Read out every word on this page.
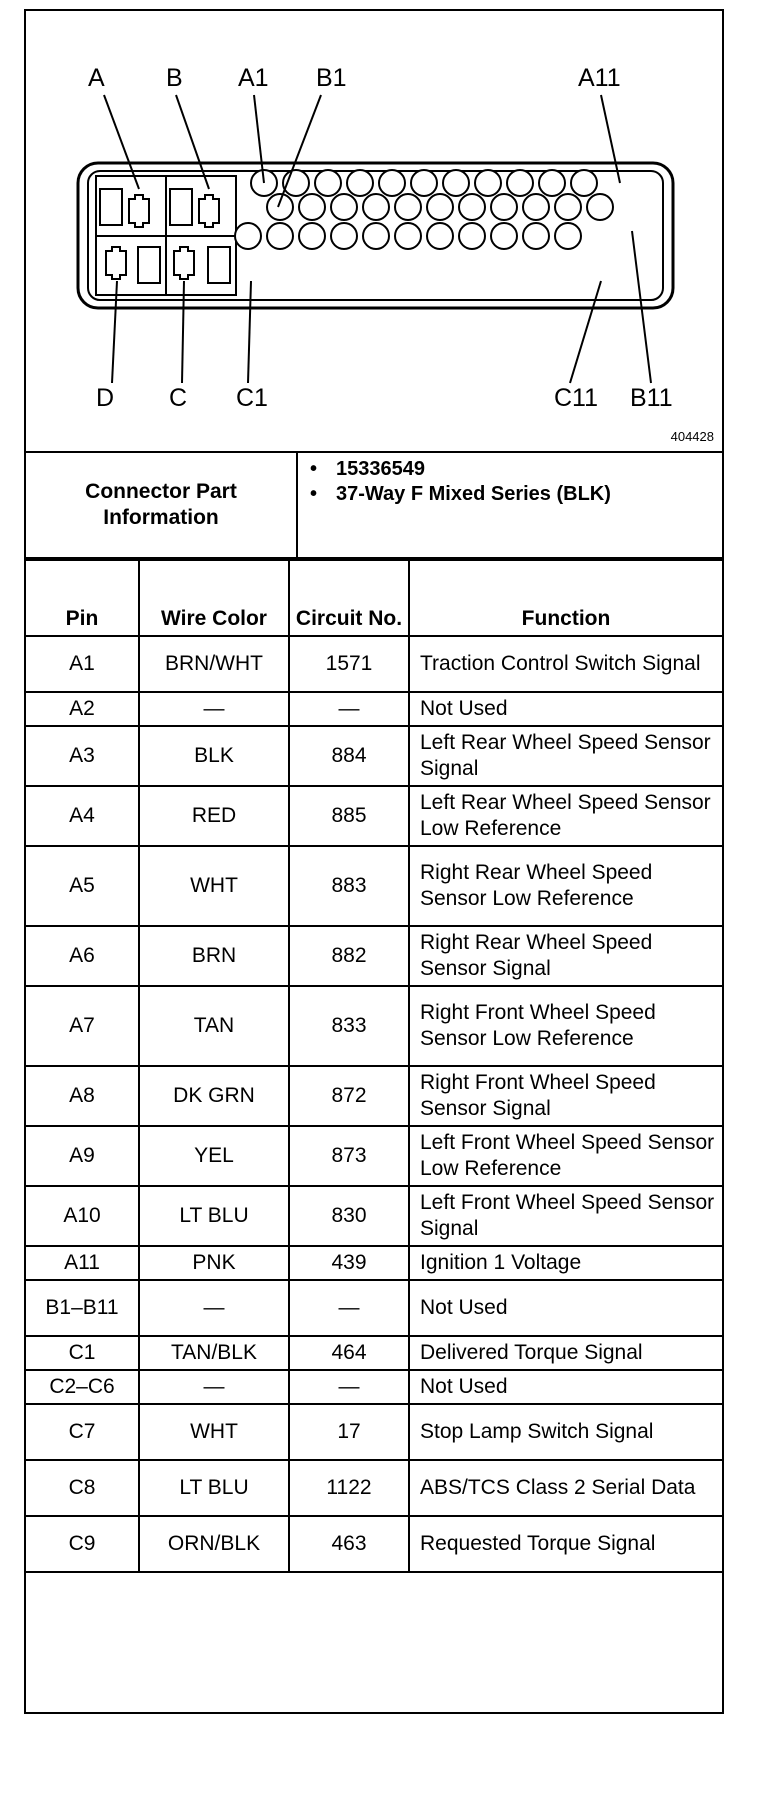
A B A1 B1	A11
D C C1	C11 B11
404428
Connector Part Information
• 15336549
• 37-Way F Mixed Series (BLK)
Pin	Wire Color	Circuit No.	Function
A1	BRN/WHT	1571	Traction Control Switch Signal
A2	—	—	Not Used
A3	BLK	884	Left Rear Wheel Speed Sensor Signal
A4	RED	885	Left Rear Wheel Speed Sensor Low Reference
A5	WHT	883	Right Rear Wheel Speed Sensor Low Reference
A6	BRN	882	Right Rear Wheel Speed Sensor Signal
A7	TAN	833	Right Front Wheel Speed Sensor Low Reference
A8	DK GRN	872	Right Front Wheel Speed Sensor Signal
A9	YEL	873	Left Front Wheel Speed Sensor Low Reference
A10	LT BLU	830	Left Front Wheel Speed Sensor Signal
A11	PNK	439	Ignition 1 Voltage
B1–B11	—	—	Not Used
C1	TAN/BLK	464	Delivered Torque Signal
C2–C6	—	—	Not Used
C7	WHT	17	Stop Lamp Switch Signal
C8	LT BLU	1122	ABS/TCS Class 2 Serial Data
C9	ORN/BLK	463	Requested Torque Signal
